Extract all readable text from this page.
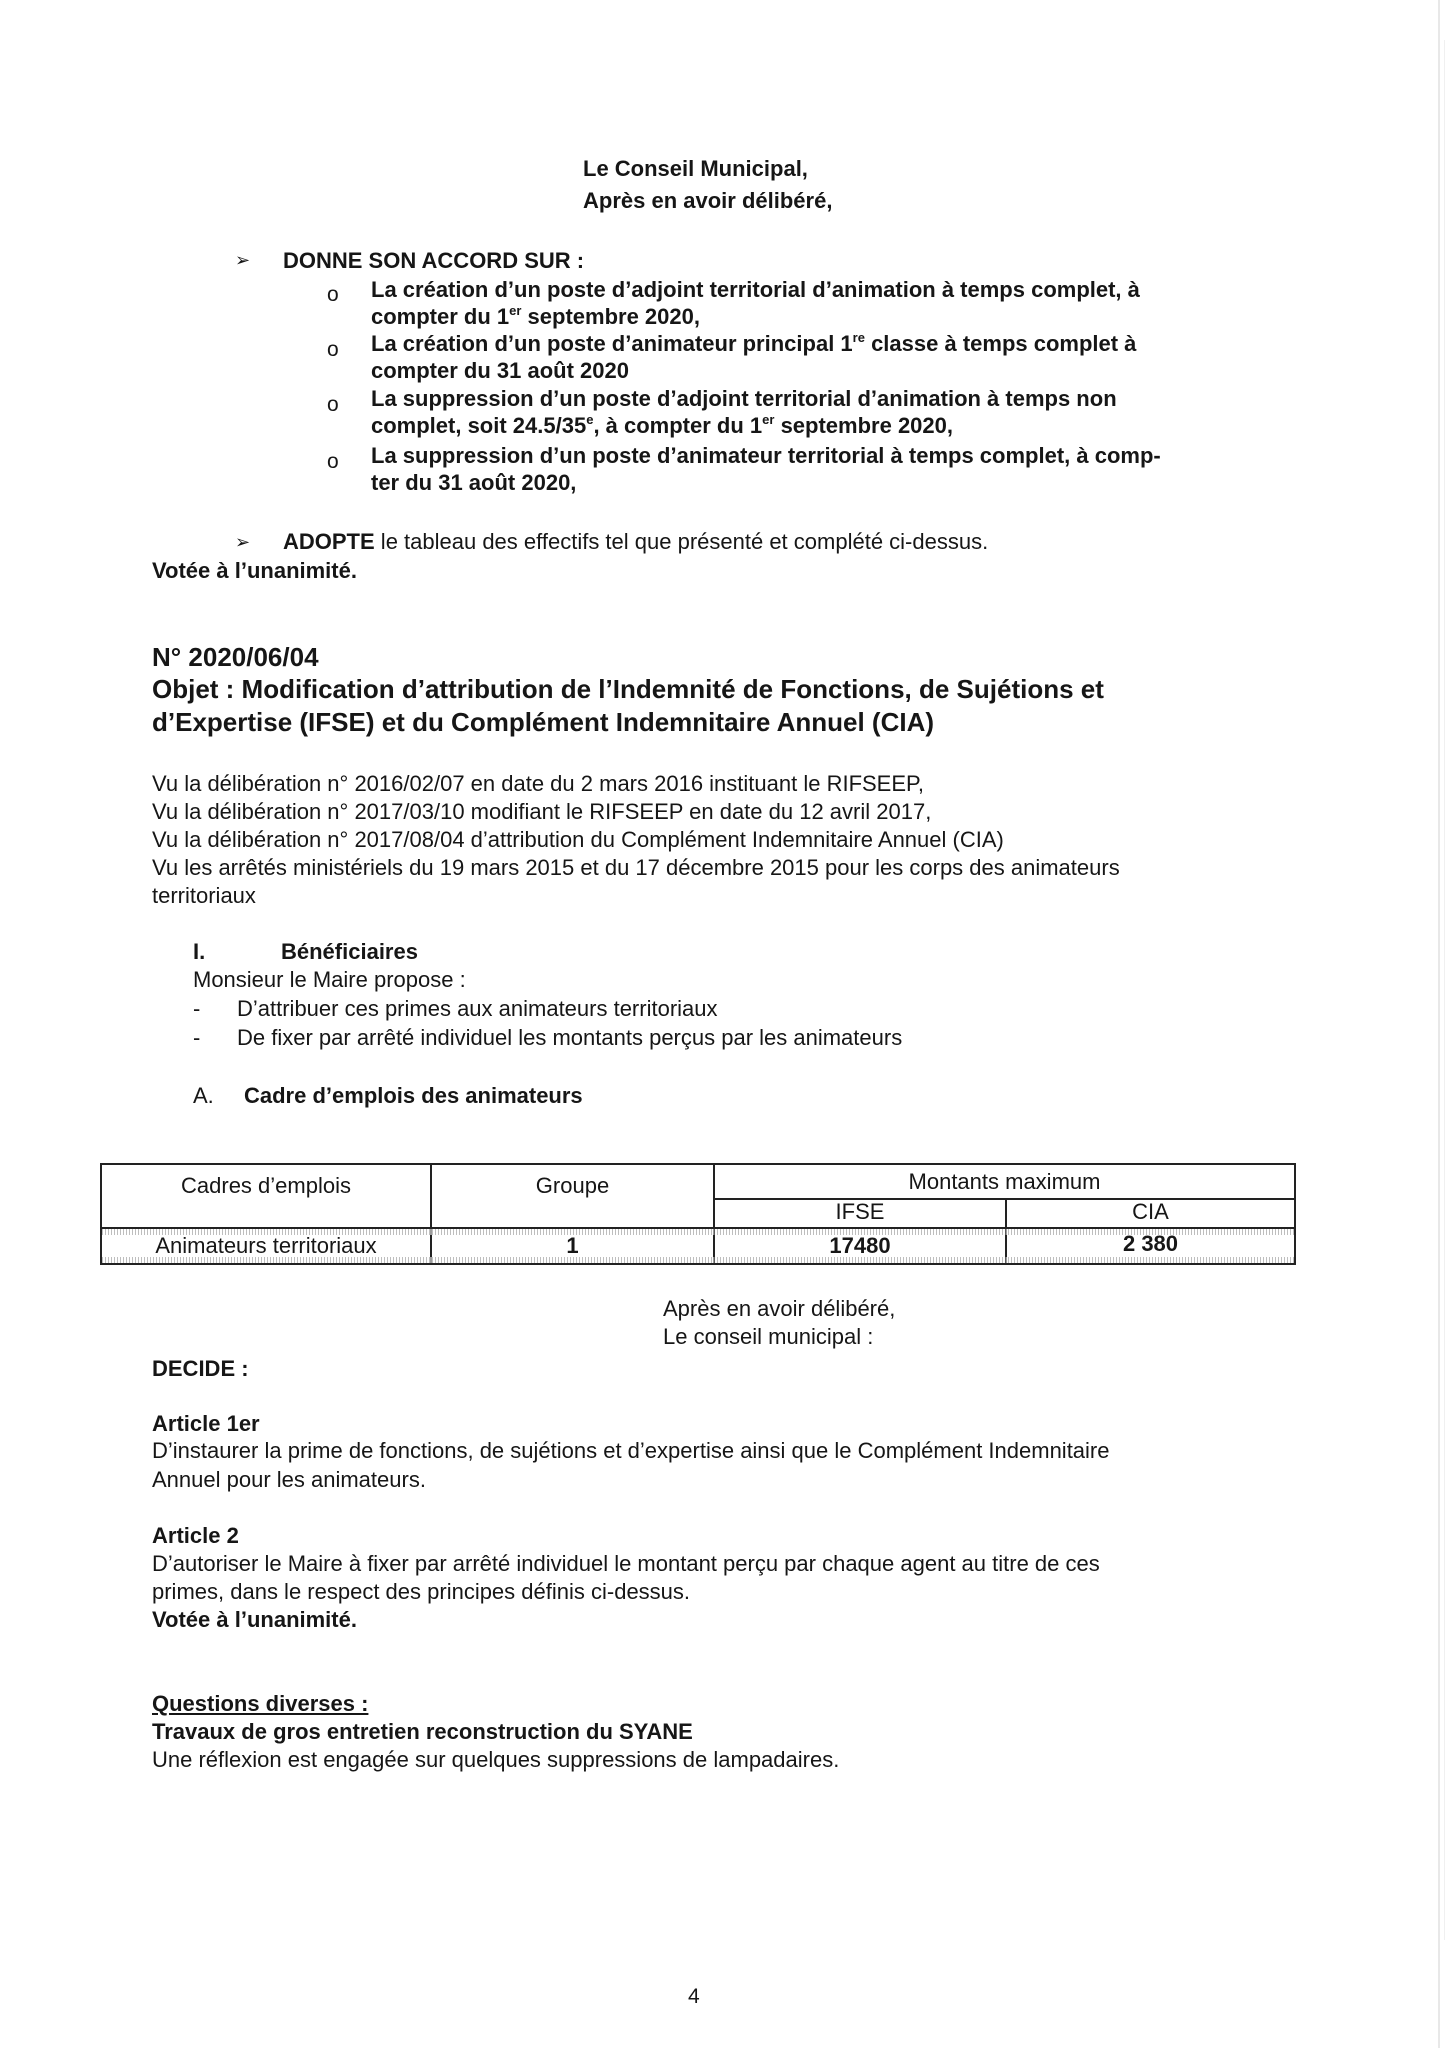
Le Conseil Municipal,
Après en avoir délibéré,
➢ DONNE SON ACCORD SUR :
o La création d’un poste d’adjoint territorial d’animation à temps complet, à
compter du 1er septembre 2020,
o La création d’un poste d’animateur principal 1re classe à temps complet à
compter du 31 août 2020
o La suppression d’un poste d’adjoint territorial d’animation à temps non
complet, soit 24.5/35e, à compter du 1er septembre 2020,
o La suppression d’un poste d’animateur territorial à temps complet, à comp-
ter du 31 août 2020,
➢ ADOPTE le tableau des effectifs tel que présenté et complété ci-dessus.
Votée à l’unanimité.
N° 2020/06/04
Objet : Modification d’attribution de l’Indemnité de Fonctions, de Sujétions et
d’Expertise (IFSE) et du Complément Indemnitaire Annuel (CIA)
Vu la délibération n° 2016/02/07 en date du 2 mars 2016 instituant le RIFSEEP,
Vu la délibération n° 2017/03/10 modifiant le RIFSEEP en date du 12 avril 2017,
Vu la délibération n° 2017/08/04 d’attribution du Complément Indemnitaire Annuel (CIA)
Vu les arrêtés ministériels du 19 mars 2015 et du 17 décembre 2015 pour les corps des animateurs
territoriaux
I.	Bénéficiaires
Monsieur le Maire propose :
- D’attribuer ces primes aux animateurs territoriaux
- De fixer par arrêté individuel les montants perçus par les animateurs
A. Cadre d’emplois des animateurs
Cadres d’emplois	Groupe	Montants maximum
IFSE	CIA
Animateurs territoriaux	1	17480	2 380
Après en avoir délibéré,
Le conseil municipal :
DECIDE :
Article 1er
D’instaurer la prime de fonctions, de sujétions et d’expertise ainsi que le Complément Indemnitaire
Annuel pour les animateurs.
Article 2
D’autoriser le Maire à fixer par arrêté individuel le montant perçu par chaque agent au titre de ces
primes, dans le respect des principes définis ci-dessus.
Votée à l’unanimité.
Questions diverses :
Travaux de gros entretien reconstruction du SYANE
Une réflexion est engagée sur quelques suppressions de lampadaires.
4
